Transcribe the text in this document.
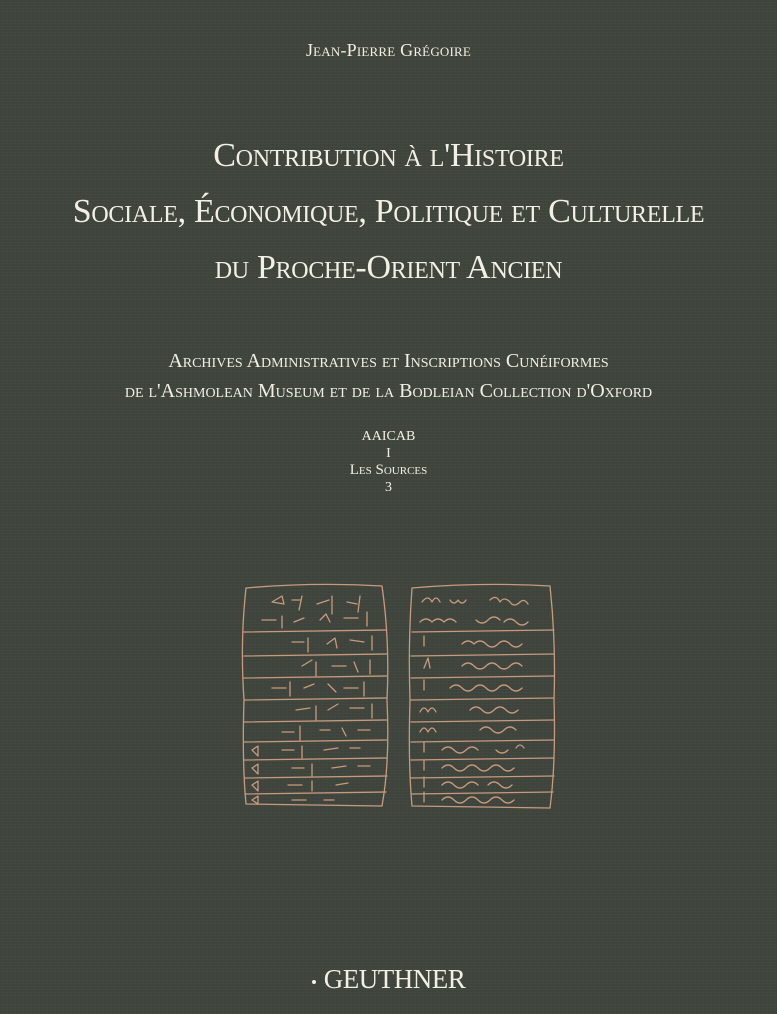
Jean-Pierre Grégoire
Contribution à l'Histoire
Sociale, Économique, Politique et Culturelle
du Proche-Orient Ancien
Archives Administratives et Inscriptions Cunéiformes
de l'Ashmolean Museum et de la Bodleian Collection d'Oxford
AAICAB
I
Les Sources
3
GEUTHNER
